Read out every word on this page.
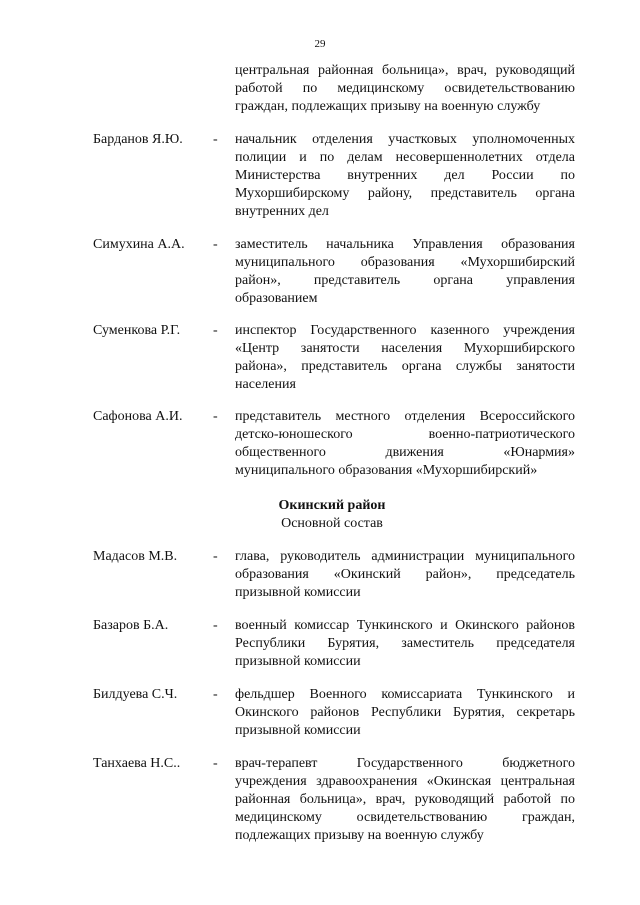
29
центральная районная больница», врач, руководящий
работой по медицинскому освидетельствованию
граждан, подлежащих призыву на военную службу
Барданов Я.Ю. - начальник отделения участковых уполномоченных
полиции и по делам несовершеннолетних отдела
Министерства внутренних дел России по
Мухоршибирскому району, представитель органа
внутренних дел
Симухина А.А. - заместитель начальника Управления образования
муниципального образования «Мухоршибирский
район», представитель органа управления
образованием
Суменкова Р.Г. - инспектор Государственного казенного учреждения
«Центр занятости населения Мухоршибирского
района», представитель органа службы занятости
населения
Сафонова А.И. - представитель местного отделения Всероссийского
детско-юношеского военно-патриотического
общественного движения «Юнармия»
муниципального образования «Мухоршибирский»
Окинский район
Основной состав
Мадасов М.В.	- глава, руководитель администрации муниципального
образования «Окинский район», председатель
призывной комиссии
Базаров Б.А.	- военный комиссар Тункинского и Окинского районов
Республики Бурятия, заместитель председателя
призывной комиссии
Билдуева С.Ч.	- фельдшер Военного комиссариата Тункинского и
Окинского районов Республики Бурятия, секретарь
призывной комиссии
Танхаева Н.С.. - врач-терапевт Государственного бюджетного
учреждения здравоохранения «Окинская центральная
районная больница», врач, руководящий работой по
медицинскому освидетельствованию граждан,
подлежащих призыву на военную службу
